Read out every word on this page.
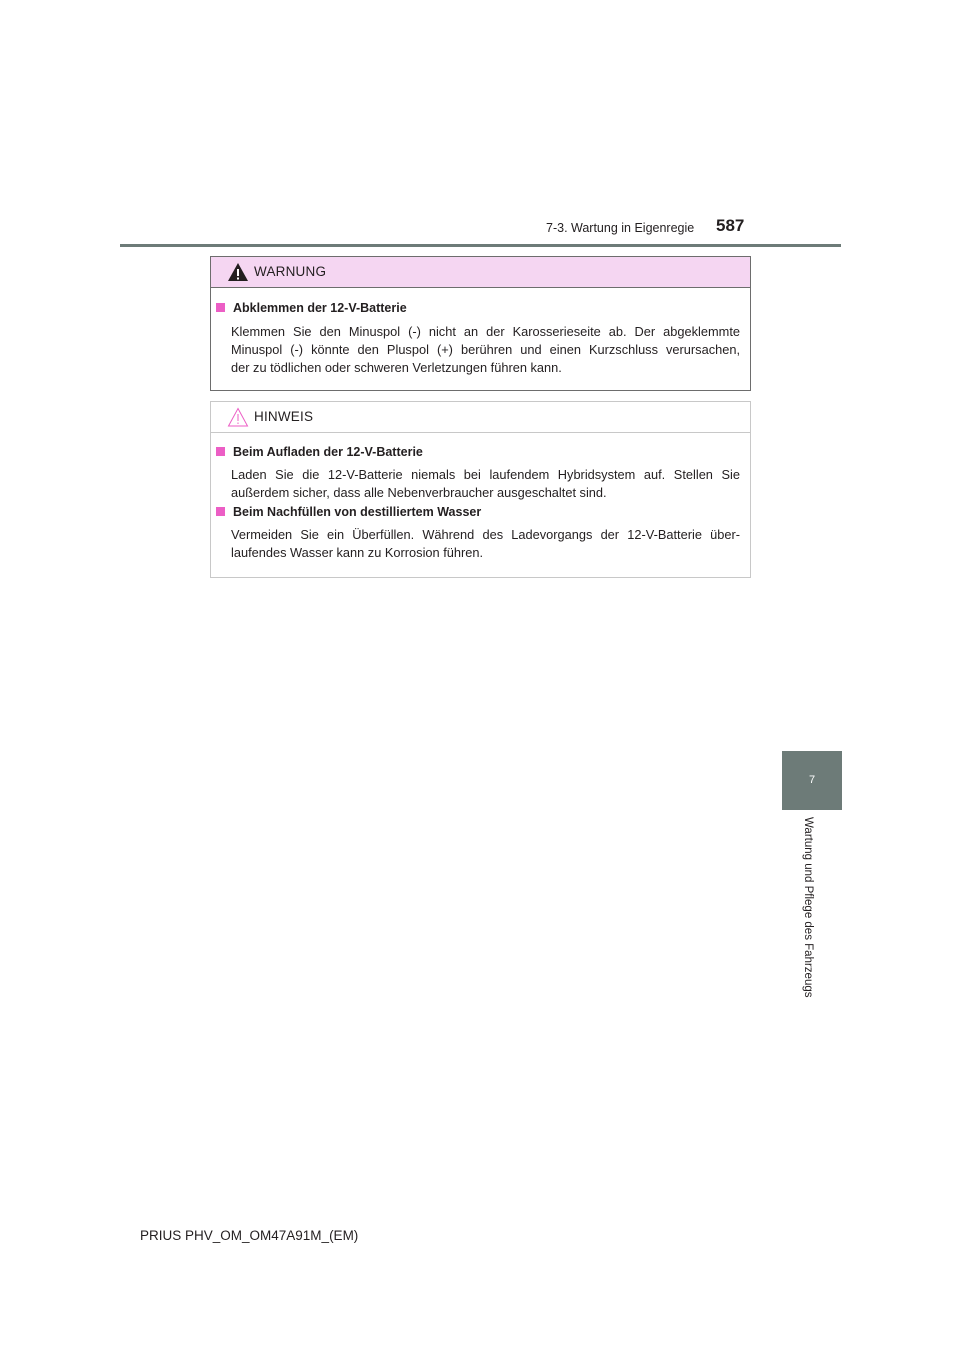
7-3. Wartung in Eigenregie 587
7
Wartung und Pflege des Fahrzeugs
WARNUNG
Abklemmen der 12-V-Batterie
Klemmen Sie den Minuspol (-) nicht an der Karosserieseite ab. Der abgeklemmte
Minuspol (-) könnte den Pluspol (+) berühren und einen Kurzschluss verursachen,
der zu tödlichen oder schweren Verletzungen führen kann.
HINWEIS
Beim Aufladen der 12-V-Batterie
Laden Sie die 12-V-Batterie niemals bei laufendem Hybridsystem auf. Stellen Sie
außerdem sicher, dass alle Nebenverbraucher ausgeschaltet sind.
Beim Nachfüllen von destilliertem Wasser
Vermeiden Sie ein Überfüllen. Während des Ladevorgangs der 12-V-Batterie über-
laufendes Wasser kann zu Korrosion führen.
PRIUS PHV_OM_OM47A91M_(EM)
